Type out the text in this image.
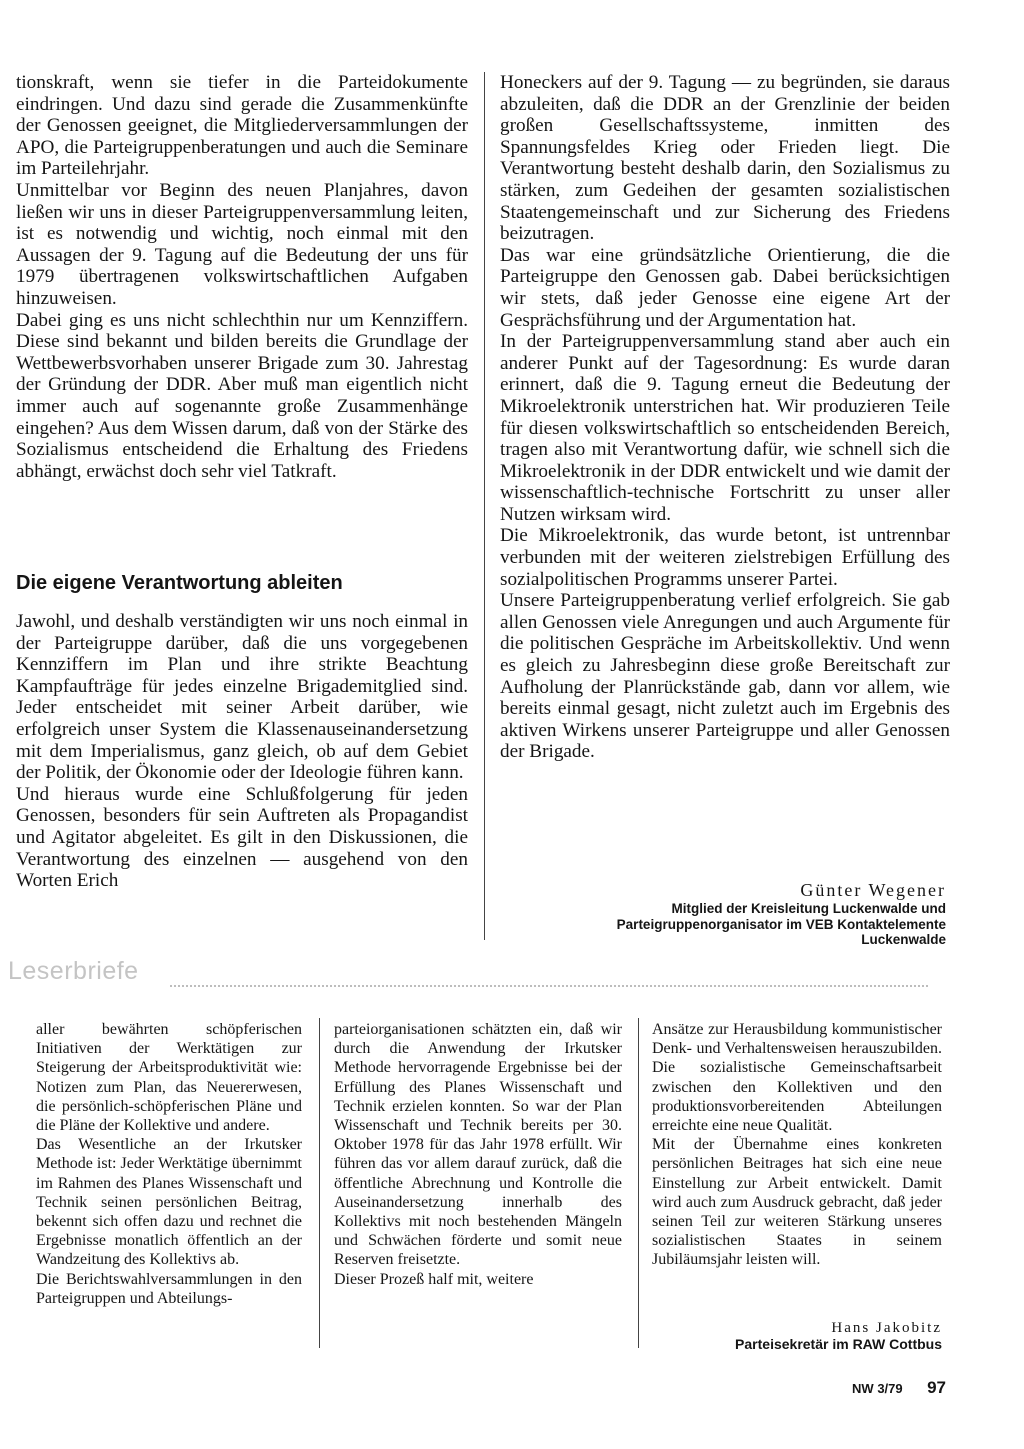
tionskraft, wenn sie tiefer in die Parteidokumente eindringen. Und dazu sind gerade die Zusammenkünfte der Genossen geeignet, die Mitgliederversammlungen der APO, die Parteigruppenberatungen und auch die Seminare im Parteilehrjahr.

Unmittelbar vor Beginn des neuen Planjahres, davon ließen wir uns in dieser Parteigruppenversammlung leiten, ist es notwendig und wichtig, noch einmal mit den Aussagen der 9. Tagung auf die Bedeutung der uns für 1979 übertragenen volkswirtschaftlichen Aufgaben hinzuweisen.

Dabei ging es uns nicht schlechthin nur um Kennziffern. Diese sind bekannt und bilden bereits die Grundlage der Wettbewerbsvorhaben unserer Brigade zum 30. Jahrestag der Gründung der DDR. Aber muß man eigentlich nicht immer auch auf sogenannte große Zusammenhänge eingehen? Aus dem Wissen darum, daß von der Stärke des Sozialismus entscheidend die Erhaltung des Friedens abhängt, erwächst doch sehr viel Tatkraft.

Die eigene Verantwortung ableiten

Jawohl, und deshalb verständigten wir uns noch einmal in der Parteigruppe darüber, daß die uns vorgegebenen Kennziffern im Plan und ihre strikte Beachtung Kampfaufträge für jedes einzelne Brigademitglied sind. Jeder entscheidet mit seiner Arbeit darüber, wie erfolgreich unser System die Klassenauseinandersetzung mit dem Imperialismus, ganz gleich, ob auf dem Gebiet der Politik, der Ökonomie oder der Ideologie führen kann.

Und hieraus wurde eine Schlußfolgerung für jeden Genossen, besonders für sein Auftreten als Propagandist und Agitator abgeleitet. Es gilt in den Diskussionen, die Verantwortung des einzelnen — ausgehend von den Worten Erich

Honeckers auf der 9. Tagung — zu begründen, sie daraus abzuleiten, daß die DDR an der Grenzlinie der beiden großen Gesellschaftssysteme, inmitten des Spannungsfeldes Krieg oder Frieden liegt. Die Verantwortung besteht deshalb darin, den Sozialismus zu stärken, zum Gedeihen der gesamten sozialistischen Staatengemeinschaft und zur Sicherung des Friedens beizutragen.

Das war eine gründsätzliche Orientierung, die die Parteigruppe den Genossen gab. Dabei berücksichtigen wir stets, daß jeder Genosse eine eigene Art der Gesprächsführung und der Argumentation hat.

In der Parteigruppenversammlung stand aber auch ein anderer Punkt auf der Tagesordnung: Es wurde daran erinnert, daß die 9. Tagung erneut die Bedeutung der Mikroelektronik unterstrichen hat. Wir produzieren Teile für diesen volkswirtschaftlich so entscheidenden Bereich, tragen also mit Verantwortung dafür, wie schnell sich die Mikroelektronik in der DDR entwickelt und wie damit der wissenschaftlich-technische Fortschritt zu unser aller Nutzen wirksam wird.

Die Mikroelektronik, das wurde betont, ist untrennbar verbunden mit der weiteren zielstrebigen Erfüllung des sozialpolitischen Programms unserer Partei.

Unsere Parteigruppenberatung verlief erfolgreich. Sie gab allen Genossen viele Anregungen und auch Argumente für die politischen Gespräche im Arbeitskollektiv. Und wenn es gleich zu Jahresbeginn diese große Bereitschaft zur Aufholung der Planrückstände gab, dann vor allem, wie bereits einmal gesagt, nicht zuletzt auch im Ergebnis des aktiven Wirkens unserer Parteigruppe und aller Genossen der Brigade.

Günter Wegener
Mitglied der Kreisleitung Luckenwalde und
Parteigruppenorganisator im VEB Kontaktelemente
Luckenwalde
Leserbriefe

aller bewährten schöpferischen Initiativen der Werktätigen zur Steigerung der Arbeitsproduktivität wie: Notizen zum Plan, das Neuererwesen, die persönlich-schöpferischen Pläne und die Pläne der Kollektive und andere.

Das Wesentliche an der Irkutsker Methode ist: Jeder Werktätige übernimmt im Rahmen des Planes Wissenschaft und Technik seinen persönlichen Beitrag, bekennt sich offen dazu und rechnet die Ergebnisse monatlich öffentlich an der Wandzeitung des Kollektivs ab.

Die Berichtswahlversammlungen in den Parteigruppen und Abteilungs-

parteiorganisationen schätzten ein, daß wir durch die Anwendung der Irkutsker Methode hervorragende Ergebnisse bei der Erfüllung des Planes Wissenschaft und Technik erzielen konnten. So war der Plan Wissenschaft und Technik bereits per 30. Oktober 1978 für das Jahr 1978 erfüllt. Wir führen das vor allem darauf zurück, daß die öffentliche Abrechnung und Kontrolle die Auseinandersetzung innerhalb des Kollektivs mit noch bestehenden Mängeln und Schwächen förderte und somit neue Reserven freisetzte.

Dieser Prozeß half mit, weitere

Ansätze zur Herausbildung kommunistischer Denk- und Verhaltensweisen herauszubilden. Die sozialistische Gemeinschaftsarbeit zwischen den Kollektiven und den produktionsvorbereitenden Abteilungen erreichte eine neue Qualität.

Mit der Übernahme eines konkreten persönlichen Beitrages hat sich eine neue Einstellung zur Arbeit entwickelt. Damit wird auch zum Ausdruck gebracht, daß jeder seinen Teil zur weiteren Stärkung unseres sozialistischen Staates in seinem Jubiläumsjahr leisten will.

Hans Jakobitz
Parteisekretär im RAW Cottbus
NW 3/79 97
